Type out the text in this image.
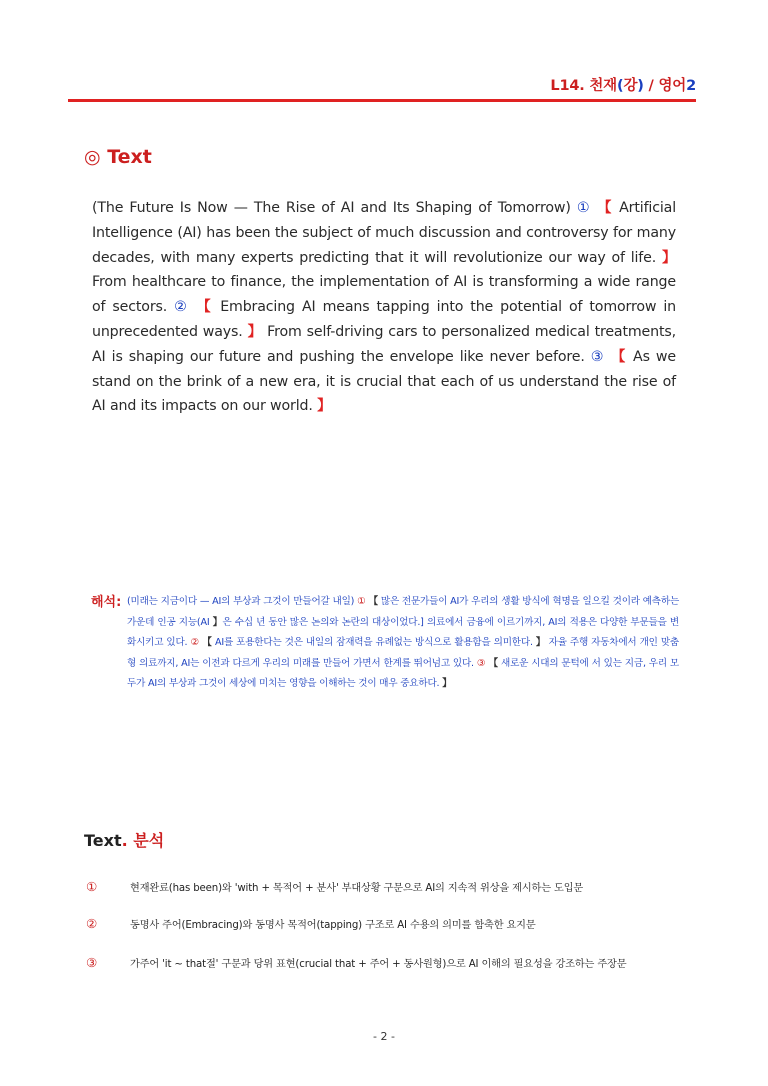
L14. 천재(강) / 영어2
◎ Text
(The Future Is Now — The Rise of AI and Its Shaping of Tomorrow) ① 【 Artificial Intelligence (AI) has been the subject of much discussion and controversy for many decades, with many experts predicting that it will revolutionize our way of life. 】 From healthcare to finance, the implementation of AI is transforming a wide range of sectors. ② 【 Embracing AI means tapping into the potential of tomorrow in unprecedented ways. 】 From self-driving cars to personalized medical treatments, AI is shaping our future and pushing the envelope like never before. ③ 【 As we stand on the brink of a new era, it is crucial that each of us understand the rise of AI and its impacts on our world. 】
해석: (미래는 지금이다 — AI의 부상과 그것이 만들어갈 내일) ① 【 많은 전문가들이 AI가 우리의 생활 방식에 혁명을 일으킬 것이라 예측하는 가운데 인공 지능(AI 】은 수십 년 동안 많은 논의와 논란의 대상이었다.] 의료에서 금융에 이르기까지, AI의 적용은 다양한 부문들을 변화시키고 있다. ② 【 AI를 포용한다는 것은 내일의 잠재력을 유례없는 방식으로 활용함을 의미한다. 】 자율 주행 자동차에서 개인 맞춤형 의료까지, AI는 이전과 다르게 우리의 미래를 만들어 가면서 한계를 뛰어넘고 있다. ③ 【 새로운 시대의 문턱에 서 있는 지금, 우리 모두가 AI의 부상과 그것이 세상에 미치는 영향을 이해하는 것이 매우 중요하다. 】
Text. 분석
①	현재완료(has been)와 'with + 목적어 + 분사' 부대상황 구문으로 AI의 지속적 위상을 제시하는 도입문
②	동명사 주어(Embracing)와 동명사 목적어(tapping) 구조로 AI 수용의 의미를 함축한 요지문
③	가주어 'it ~ that절' 구문과 당위 표현(crucial that + 주어 + 동사원형)으로 AI 이해의 필요성을 강조하는 주장문
- 2 -
